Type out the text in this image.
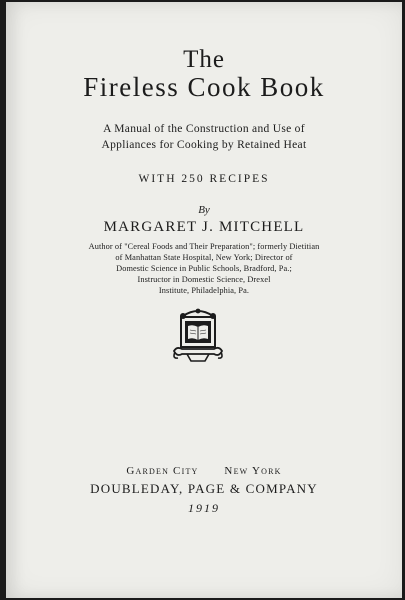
The
Fireless Cook Book
A Manual of the Construction and Use of
Appliances for Cooking by Retained Heat
WITH 250 RECIPES
By
MARGARET J. MITCHELL
Author of "Cereal Foods and Their Preparation"; formerly Dietitian
of Manhattan State Hospital, New York; Director of
Domestic Science in Public Schools, Bradford, Pa.;
Instructor in Domestic Science, Drexel
Institute, Philadelphia, Pa.
Garden City New York
DOUBLEDAY, PAGE & COMPANY
1919
